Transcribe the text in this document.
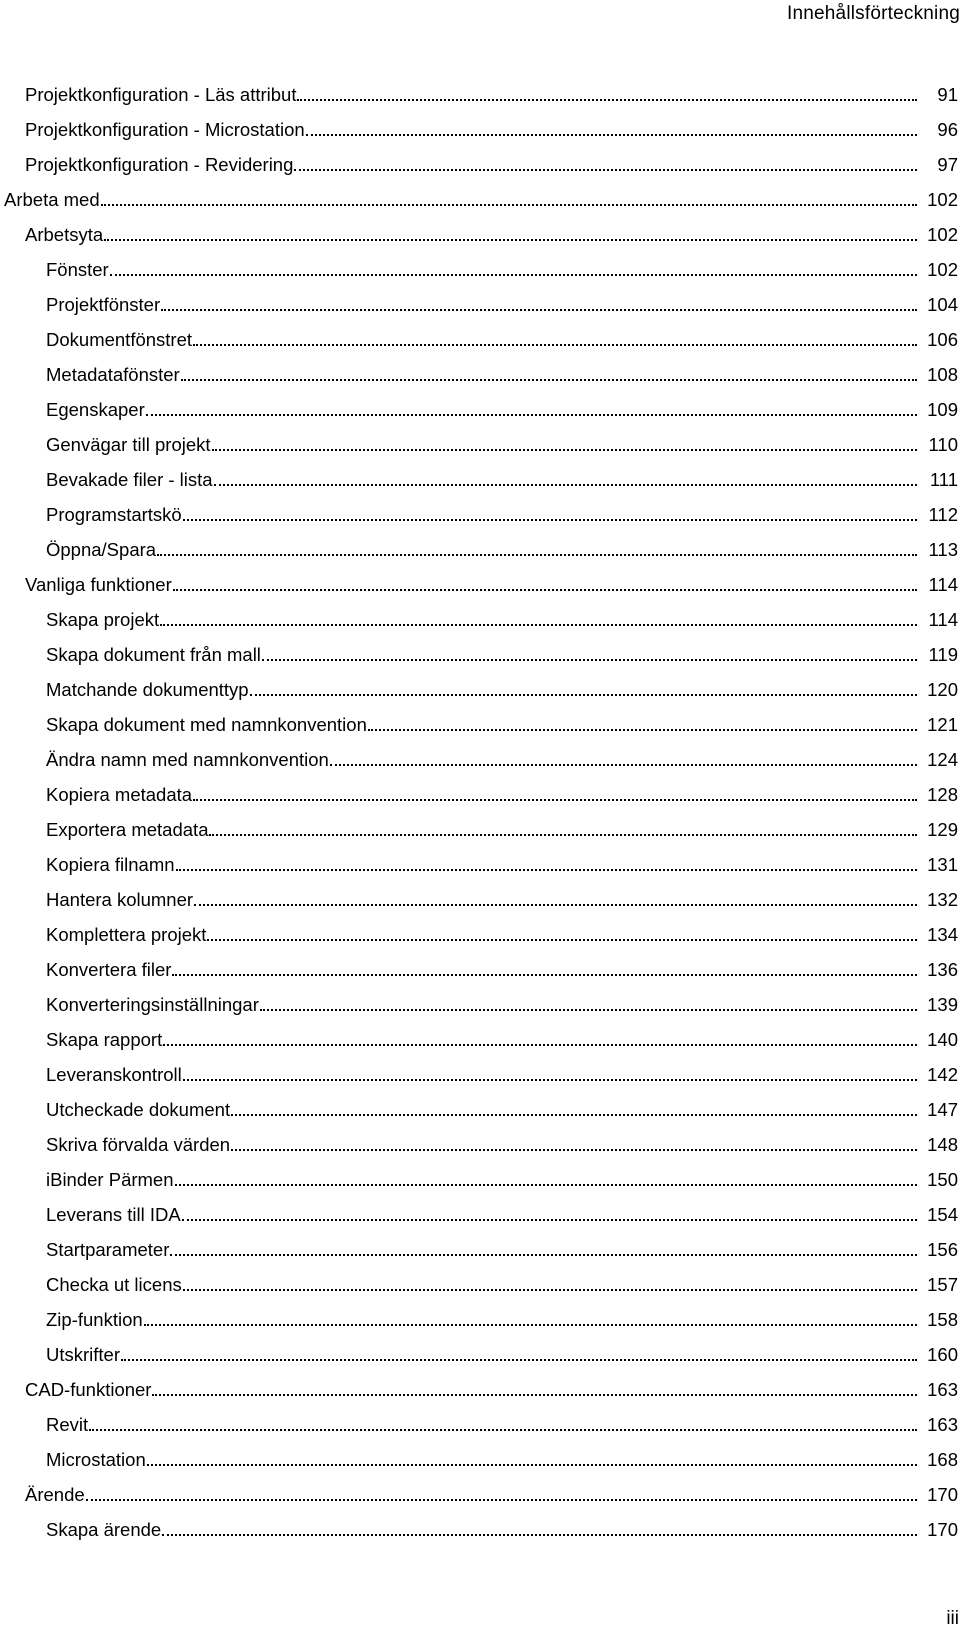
Innehållsförteckning
Projektkonfiguration - Läs attribut	91
Projektkonfiguration - Microstation	96
Projektkonfiguration - Revidering	97
Arbeta med	102
Arbetsyta	102
Fönster	102
Projektfönster	104
Dokumentfönstret	106
Metadatafönster	108
Egenskaper	109
Genvägar till projekt	110
Bevakade filer - lista	111
Programstartskö	112
Öppna/Spara	113
Vanliga funktioner	114
Skapa projekt	114
Skapa dokument från mall	119
Matchande dokumenttyp	120
Skapa dokument med namnkonvention	121
Ändra namn med namnkonvention	124
Kopiera metadata	128
Exportera metadata	129
Kopiera filnamn	131
Hantera kolumner	132
Komplettera projekt	134
Konvertera filer	136
Konverteringsinställningar	139
Skapa rapport	140
Leveranskontroll	142
Utcheckade dokument	147
Skriva förvalda värden	148
iBinder Pärmen	150
Leverans till IDA	154
Startparameter	156
Checka ut licens	157
Zip-funktion	158
Utskrifter	160
CAD-funktioner	163
Revit	163
Microstation	168
Ärende	170
Skapa ärende	170
iii
